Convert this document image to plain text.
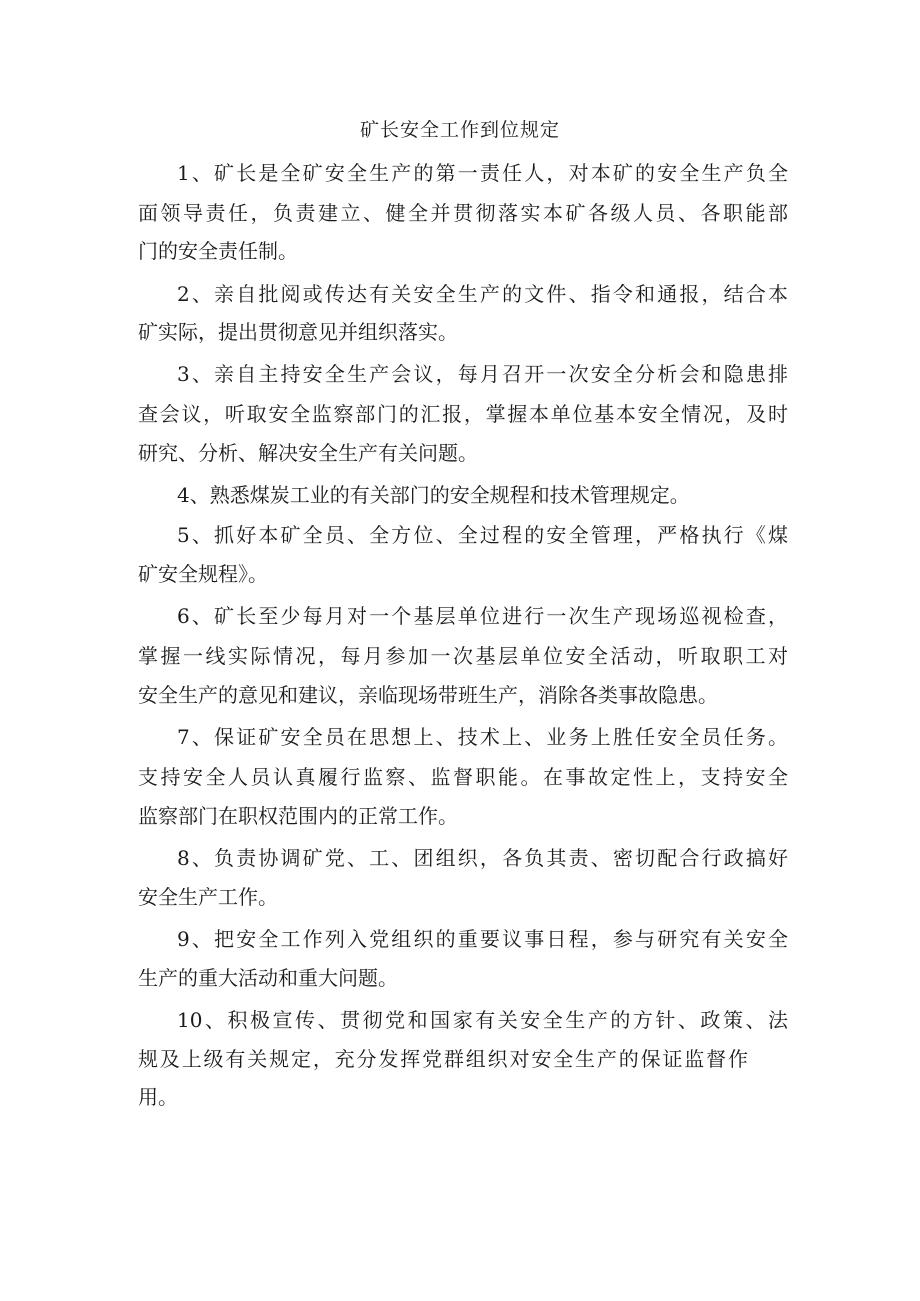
矿长安全工作到位规定

1、矿长是全矿安全生产的第一责任人，对本矿的安全生产负全

面领导责任，负责建立、健全并贯彻落实本矿各级人员、各职能部

门的安全责任制。

2、亲自批阅或传达有关安全生产的文件、指令和通报，结合本

矿实际，提出贯彻意见并组织落实。

3、亲自主持安全生产会议，每月召开一次安全分析会和隐患排

查会议，听取安全监察部门的汇报，掌握本单位基本安全情况，及时

研究、分析、解决安全生产有关问题。

4、熟悉煤炭工业的有关部门的安全规程和技术管理规定。

5、抓好本矿全员、全方位、全过程的安全管理，严格执行《煤

矿安全规程》。

6、矿长至少每月对一个基层单位进行一次生产现场巡视检查，

掌握一线实际情况，每月参加一次基层单位安全活动，听取职工对

安全生产的意见和建议，亲临现场带班生产，消除各类事故隐患。

7、保证矿安全员在思想上、技术上、业务上胜任安全员任务。

支持安全人员认真履行监察、监督职能。在事故定性上，支持安全

监察部门在职权范围内的正常工作。

8、负责协调矿党、工、团组织，各负其责、密切配合行政搞好

安全生产工作。

9、把安全工作列入党组织的重要议事日程，参与研究有关安全

生产的重大活动和重大问题。

10、积极宣传、贯彻党和国家有关安全生产的方针、政策、法

规及上级有关规定，充分发挥党群组织对安全生产的保证监督作

用。
